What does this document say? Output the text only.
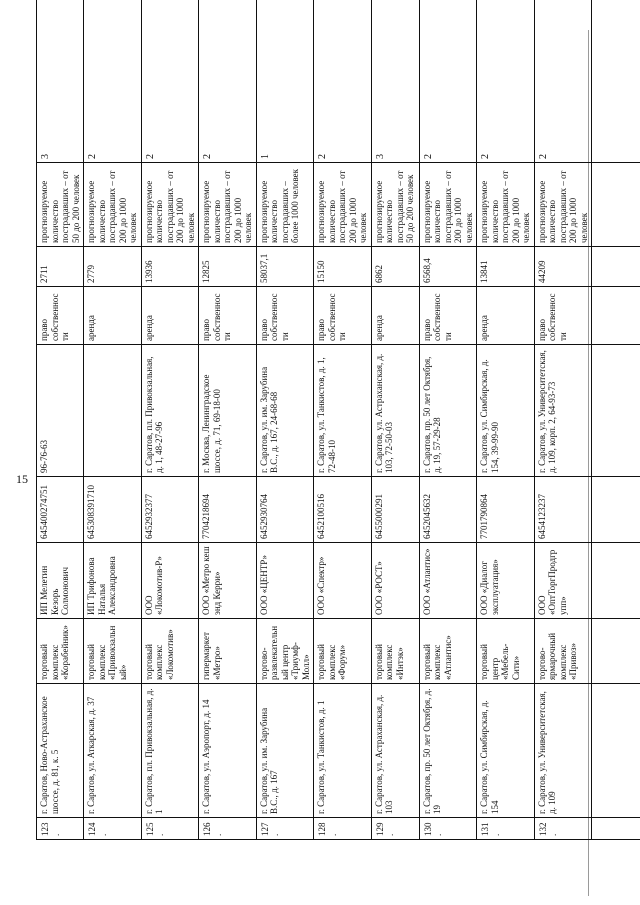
15
123.	г. Саратов, Ново-Астраханское шоссе, д. 81, к. 5	торговый комплекс «Корабейник»	ИП Мелетин Кезорь Солмонович	645400274751	96-76-63	право собственности	2711	прогнозируемое количество пострадавших – от 50 до 200 человек	3
124.	г. Саратов, ул. Аткарская, д. 37	торговый комплекс «Привокзальный»	ИП Трифонова Наталья Александровна	645308391710		аренда	2779	прогнозируемое количество пострадавших – от 200 до 1000 человек	2
125.	г. Саратов, пл. Привокзальная, д. 1	торговый комплекс «Локомотив»	ООО «Локомотив-Р»	6452932377	г. Саратов, пл. Привокзальная, д. 1, 48-27-96	аренда	13936	прогнозируемое количество пострадавших – от 200 до 1000 человек	2
126.	г. Саратов, ул. Аэропорт, д. 14	гипермаркет «Метро»	ООО «Метро кеш энд Керри»	7704218694	г. Москва, Ленинградское шоссе, д. 71, 69-18-00	право собственности	12825	прогнозируемое количество пострадавших – от 200 до 1000 человек	2
127.	г. Саратов, ул. им. Зарубина В.С., д. 167	торгово-развлекательный центр «Триумф-Молл»	ООО «ЦЕНТР»	6452930764	г. Саратов, ул. им. Зарубина В.С., д. 167, 24-68-68	право собственности	58037,1	прогнозируемое количество пострадавших – более 1000 человек	1
128.	г. Саратов, ул. Танкистов, д. 1	торговый комплекс «Форум»	ООО «Спектр»	6452100516	г. Саратов, ул. Танкистов, д. 1, 72-48-10	право собственности	15150	прогнозируемое количество пострадавших – от 200 до 1000 человек	2
129.	г. Саратов, ул. Астраханская, д. 103	торговый комплекс «Интэк»	ООО «РОСТ»	6455000291	г. Саратов, ул. Астраханская, д. 103, 72-50-03	аренда	6862	прогнозируемое количество пострадавших – от 50 до 200 человек	3
130.	г. Саратов, пр. 50 лет Октября, д. 19	торговый комплекс «Атлантис»	ООО «Атлантис»	6452045632	г. Саратов, пр. 50 лет Октября, д. 19, 57-29-28	право собственности	6568,4	прогнозируемое количество пострадавших – от 200 до 1000 человек	2
131.	г. Саратов, ул. Симбирская, д. 154	торговый центр «Мебель-Сити»	ООО «Диалог эксплуатация»	7701790864	г. Саратов, ул. Симбирская, д. 154, 39-99-90	аренда	13841	прогнозируемое количество пострадавших – от 200 до 1000 человек	2
132.	г. Саратов, ул. Университетская, д. 109	торгово-ярмарочный комплекс «Привоз»	ООО «ОптТоргПродгрупп»	6454123237	г. Саратов, ул. Университетская, д. 109, корп. 2, 64-93-73	право собственности	44209	прогнозируемое количество пострадавших – от 200 до 1000 человек	2
